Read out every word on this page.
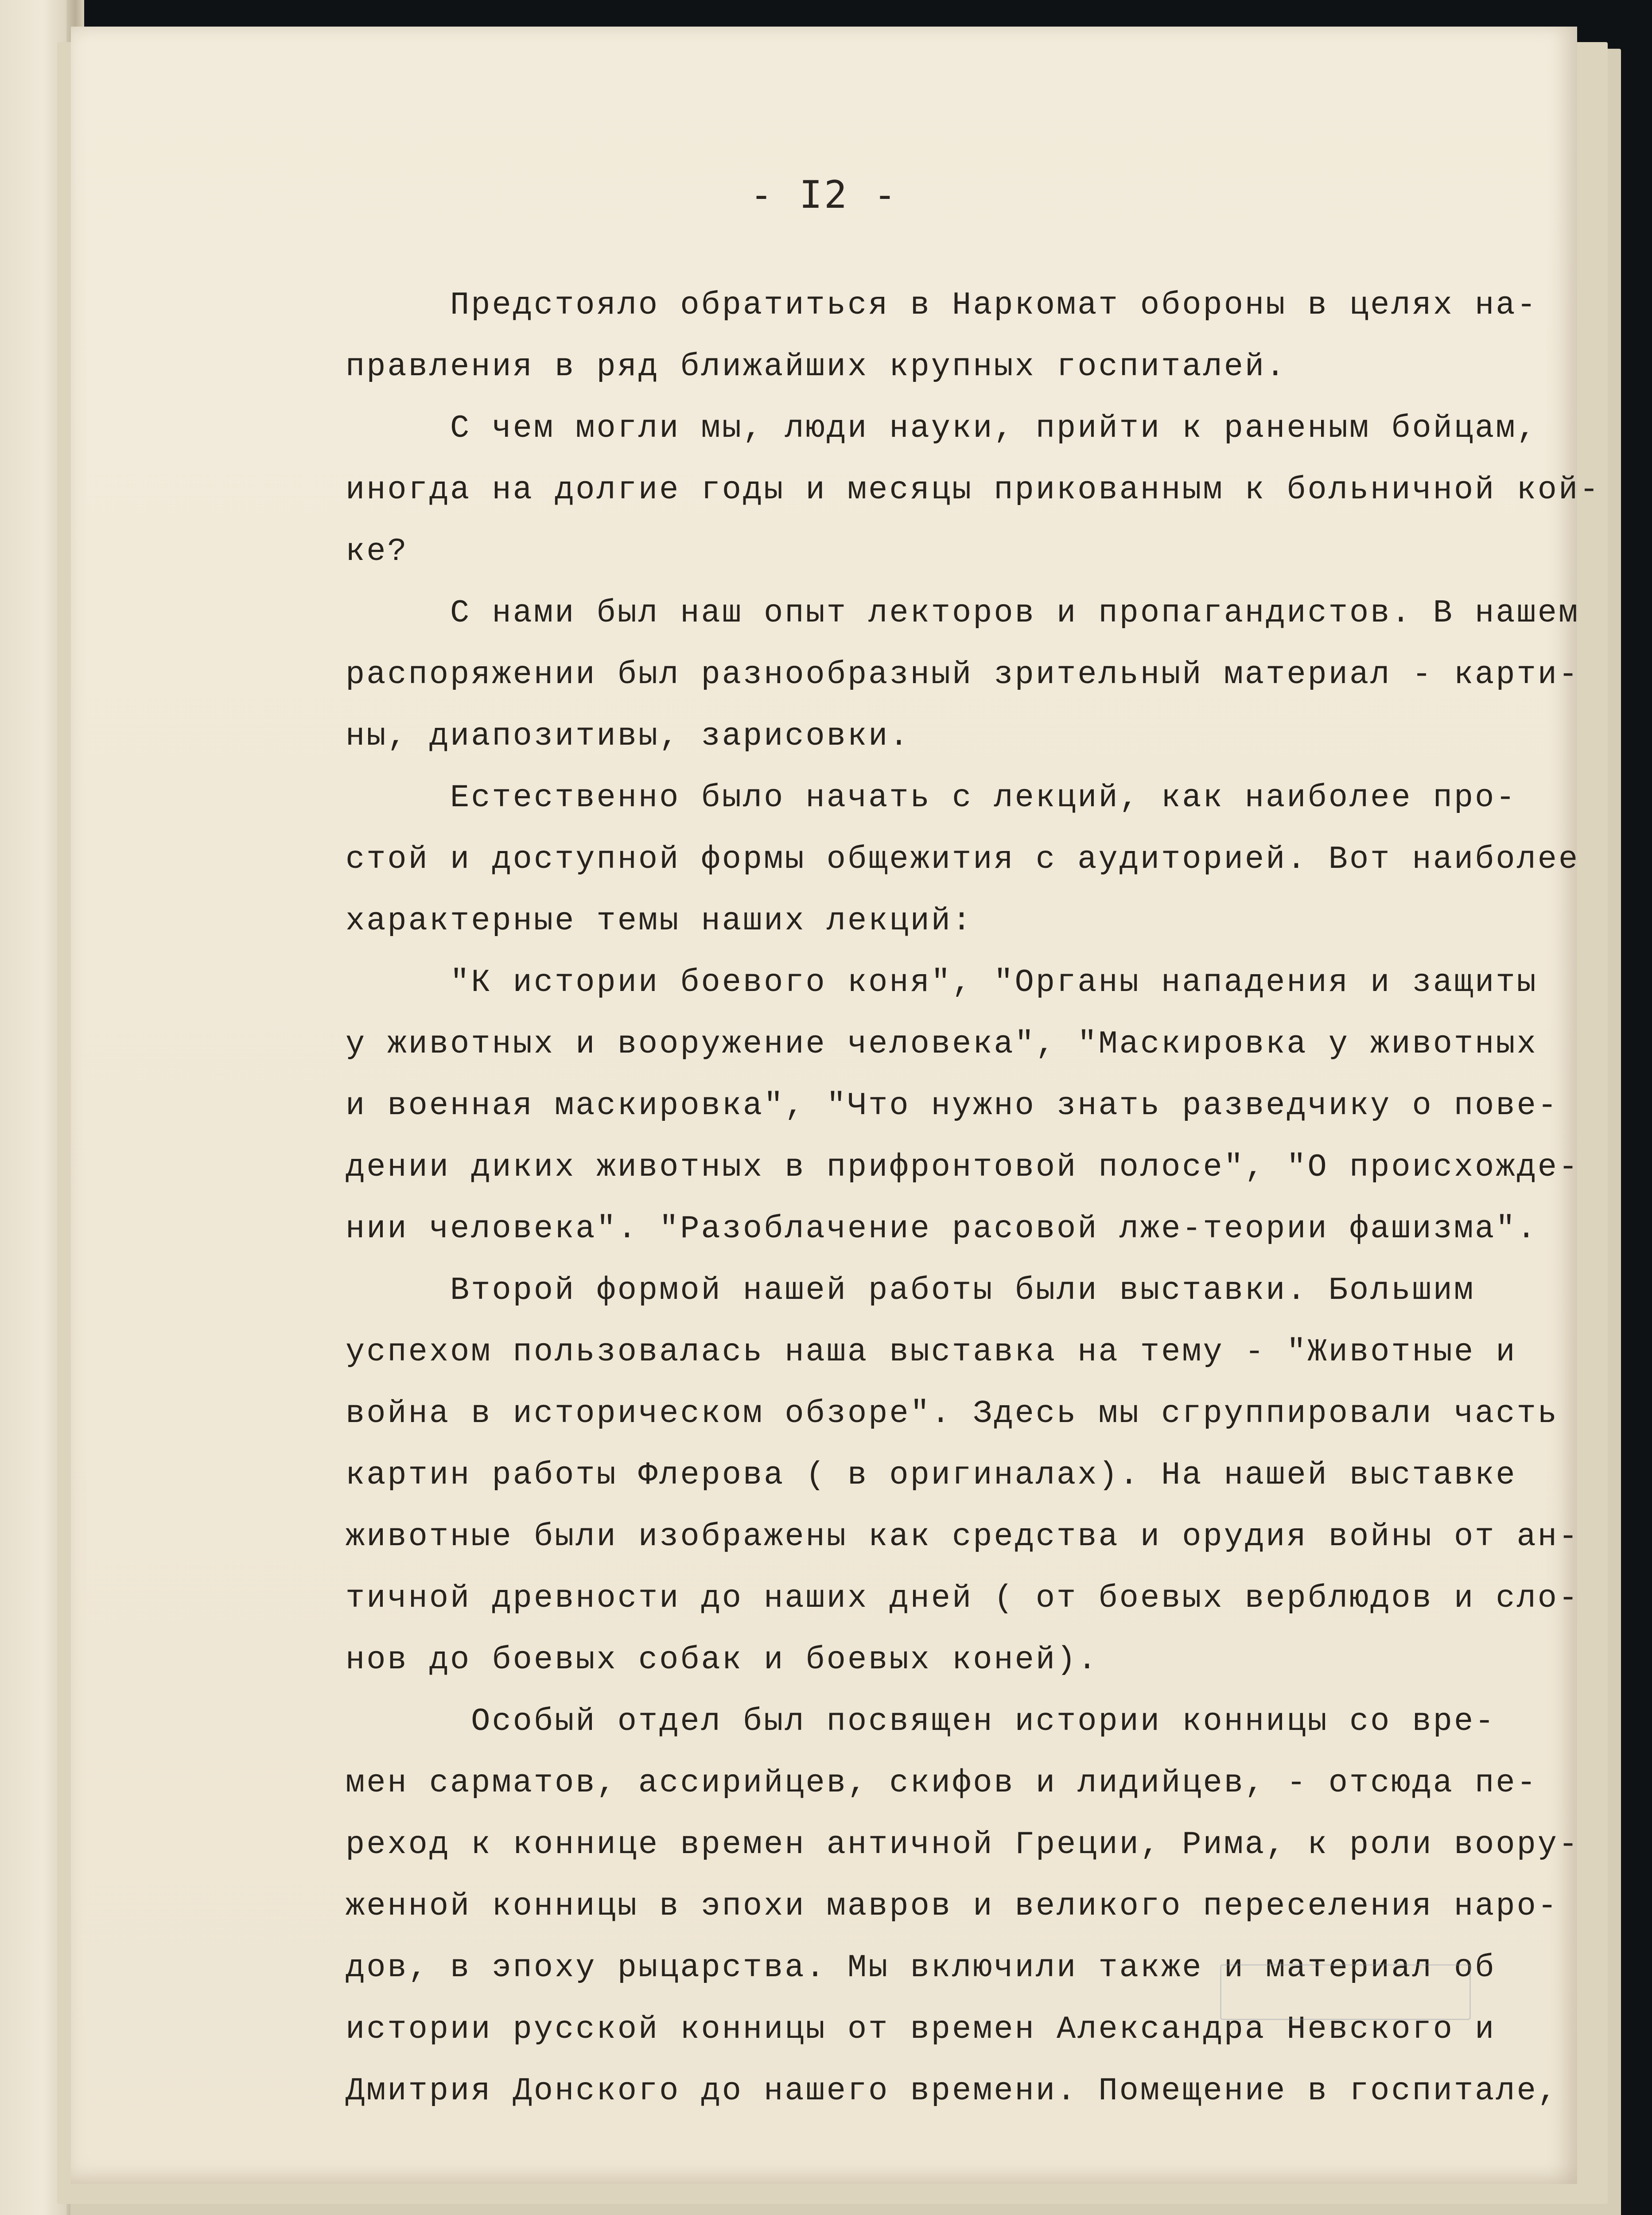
- I2 -
Предстояло обратиться в Наркомат обороны в целях на-
правления в ряд ближайших крупных госпиталей.
С чем могли мы, люди науки, прийти к раненым бойцам,
иногда на долгие годы и месяцы прикованным к больничной кой-
ке?
С нами был наш опыт лекторов и пропагандистов. В нашем
распоряжении был разнообразный зрительный материал - карти-
ны, диапозитивы, зарисовки.
Естественно было начать с лекций, как наиболее про-
стой и доступной формы общежития с аудиторией. Вот наиболее
характерные темы наших лекций:
"К истории боевого коня", "Органы нападения и защиты
у животных и вооружение человека", "Маскировка у животных
и военная маскировка", "Что нужно знать разведчику о пове-
дении диких животных в прифронтовой полосе", "О происхожде-
нии человека". "Разоблачение расовой лже-теории фашизма".
Второй формой нашей работы были выставки. Большим
успехом пользовалась наша выставка на тему - "Животные и
война в историческом обзоре". Здесь мы сгруппировали часть
картин работы Флерова ( в оригиналах). На нашей выставке
животные были изображены как средства и орудия войны от ан-
тичной древности до наших дней ( от боевых верблюдов и сло-
нов до боевых собак и боевых коней).
Особый отдел был посвящен истории конницы со вре-
мен сарматов, ассирийцев, скифов и лидийцев, - отсюда пе-
реход к коннице времен античной Греции, Рима, к роли воору-
женной конницы в эпохи мавров и великого переселения наро-
дов, в эпоху рыцарства. Мы включили также и материал об
истории русской конницы от времен Александра Невского и
Дмитрия Донского до нашего времени. Помещение в госпитале,
